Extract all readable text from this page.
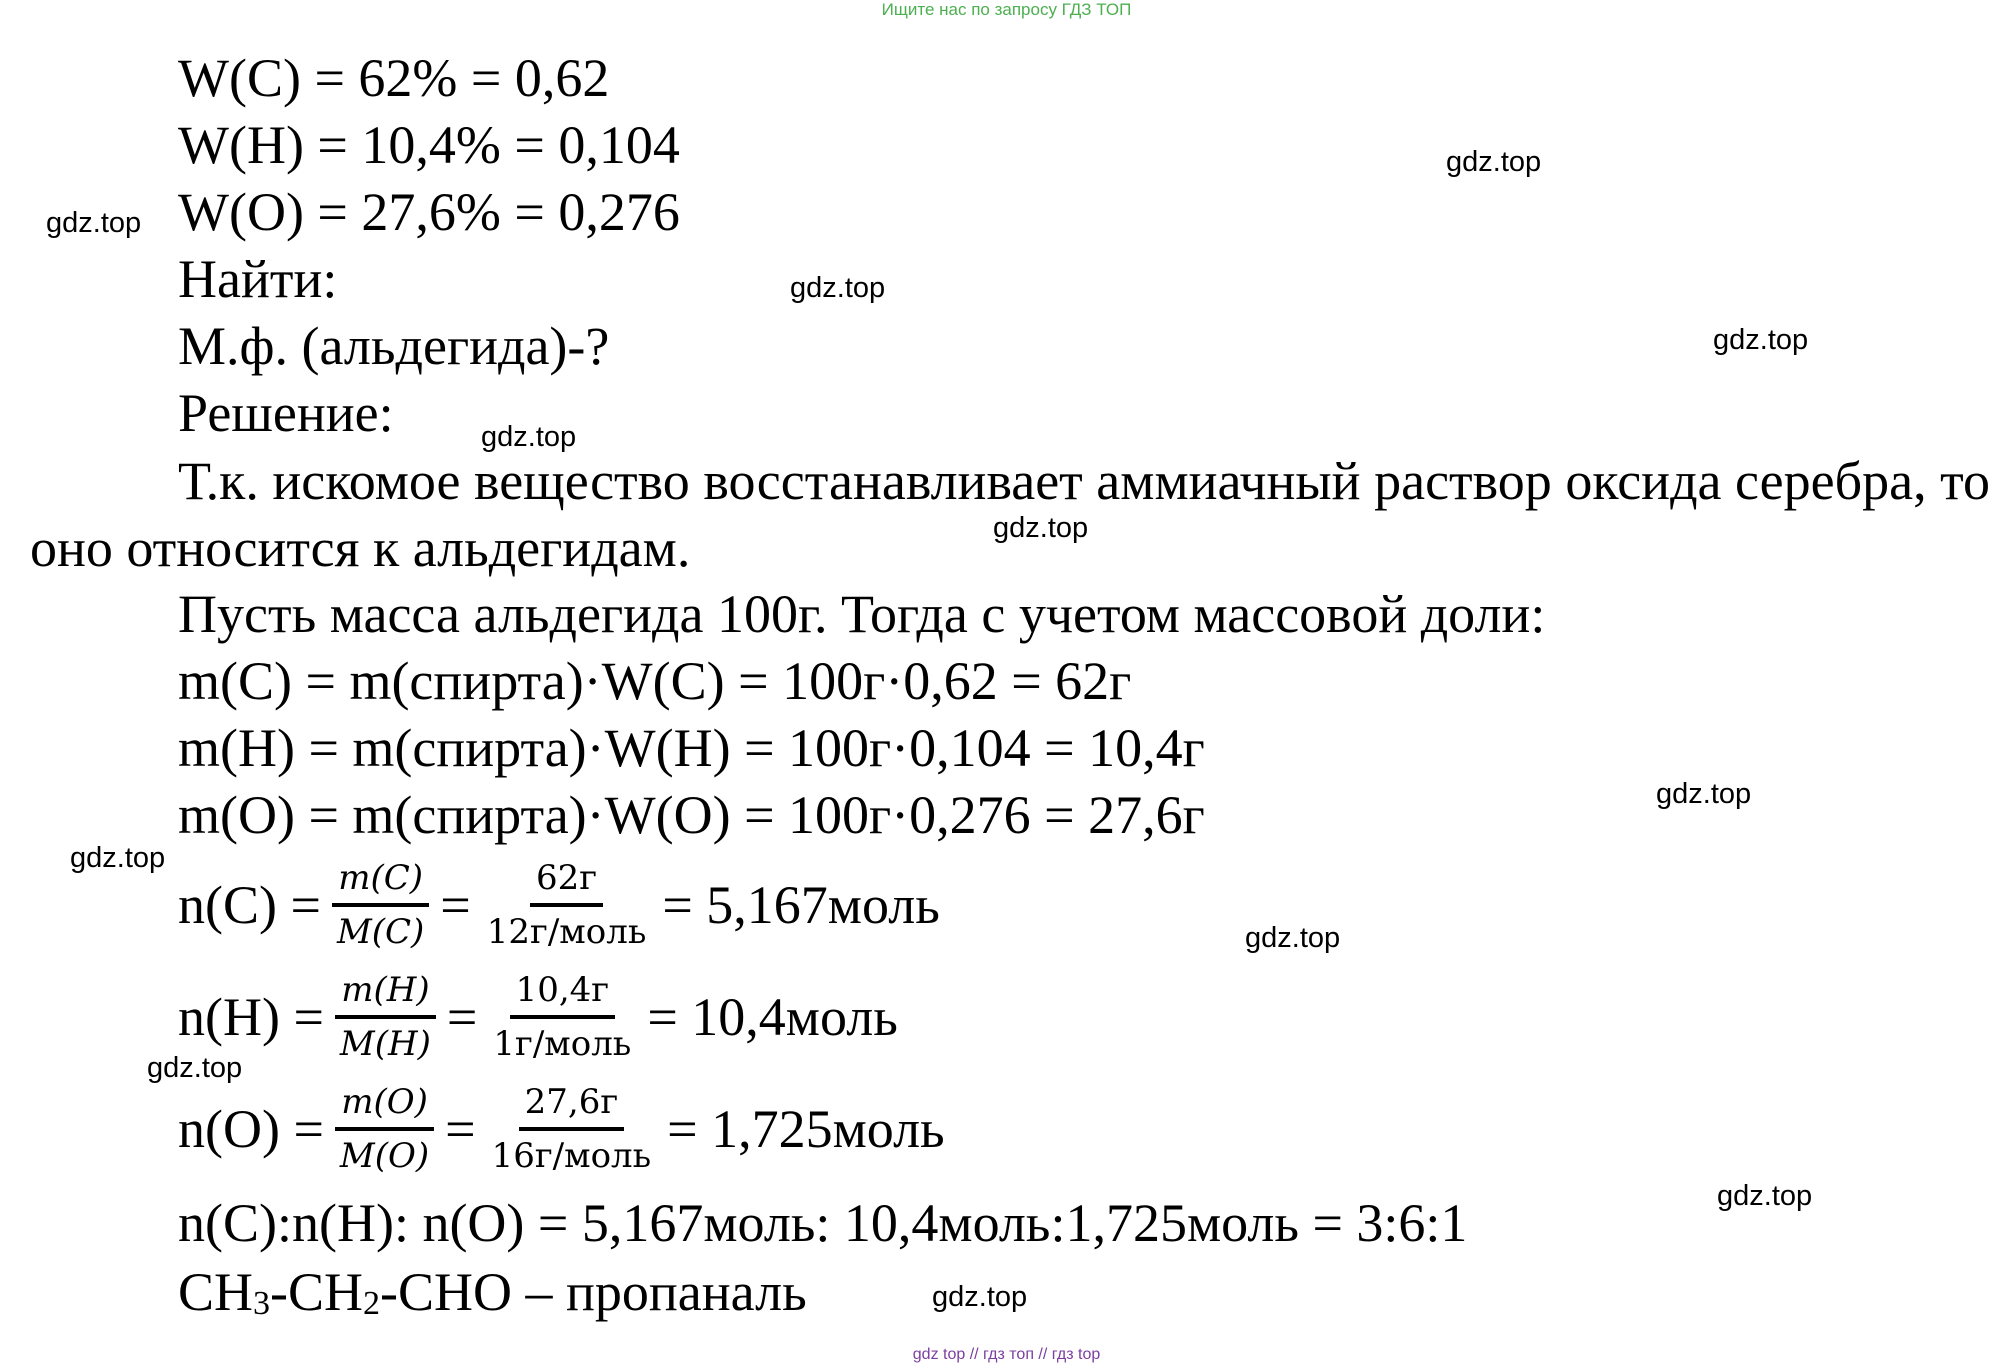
Ищите нас по запросу ГДЗ ТОП
W(C) = 62% = 0,62
W(H) = 10,4% = 0,104
W(O) = 27,6% = 0,276
Найти:
М.ф. (альдегида)-?
Решение:
Т.к. искомое вещество восстанавливает аммиачный раствор оксида серебра, то оно относится к альдегидам.
Пусть масса альдегида 100г. Тогда с учетом массовой доли:
m(C) = m(спирта)·W(C) = 100г·0,62 = 62г
m(H) = m(спирта)·W(H) = 100г·0,104 = 10,4г
m(O) = m(спирта)·W(O) = 100г·0,276 = 27,6г
$n(C) = \frac{m(C)}{M(C)} = \frac{62г}{\text{12г/моль}}$ = 5,167моль
$n(H) = \frac{m(H)}{M(H)} = \frac{10,4г}{\text{1г/моль}}$ = 10,4моль
$n(O) = \frac{m(O)}{M(O)} = \frac{27,6г}{\text{16г/моль}}$ = 1,725моль
n(C):n(H): n(O) = 5,167моль: 10,4моль:1,725моль = 3:6:1
$CH_3-CH_2$-CHO – пропаналь
gdz.top
gdz.top
gdz.top
gdz.top
gdz.top
gdz.top
gdz.top
gdz.top
gdz.top
gdz.top
gdz.top
gdz.top
gdz top // гдз топ // гдз top
